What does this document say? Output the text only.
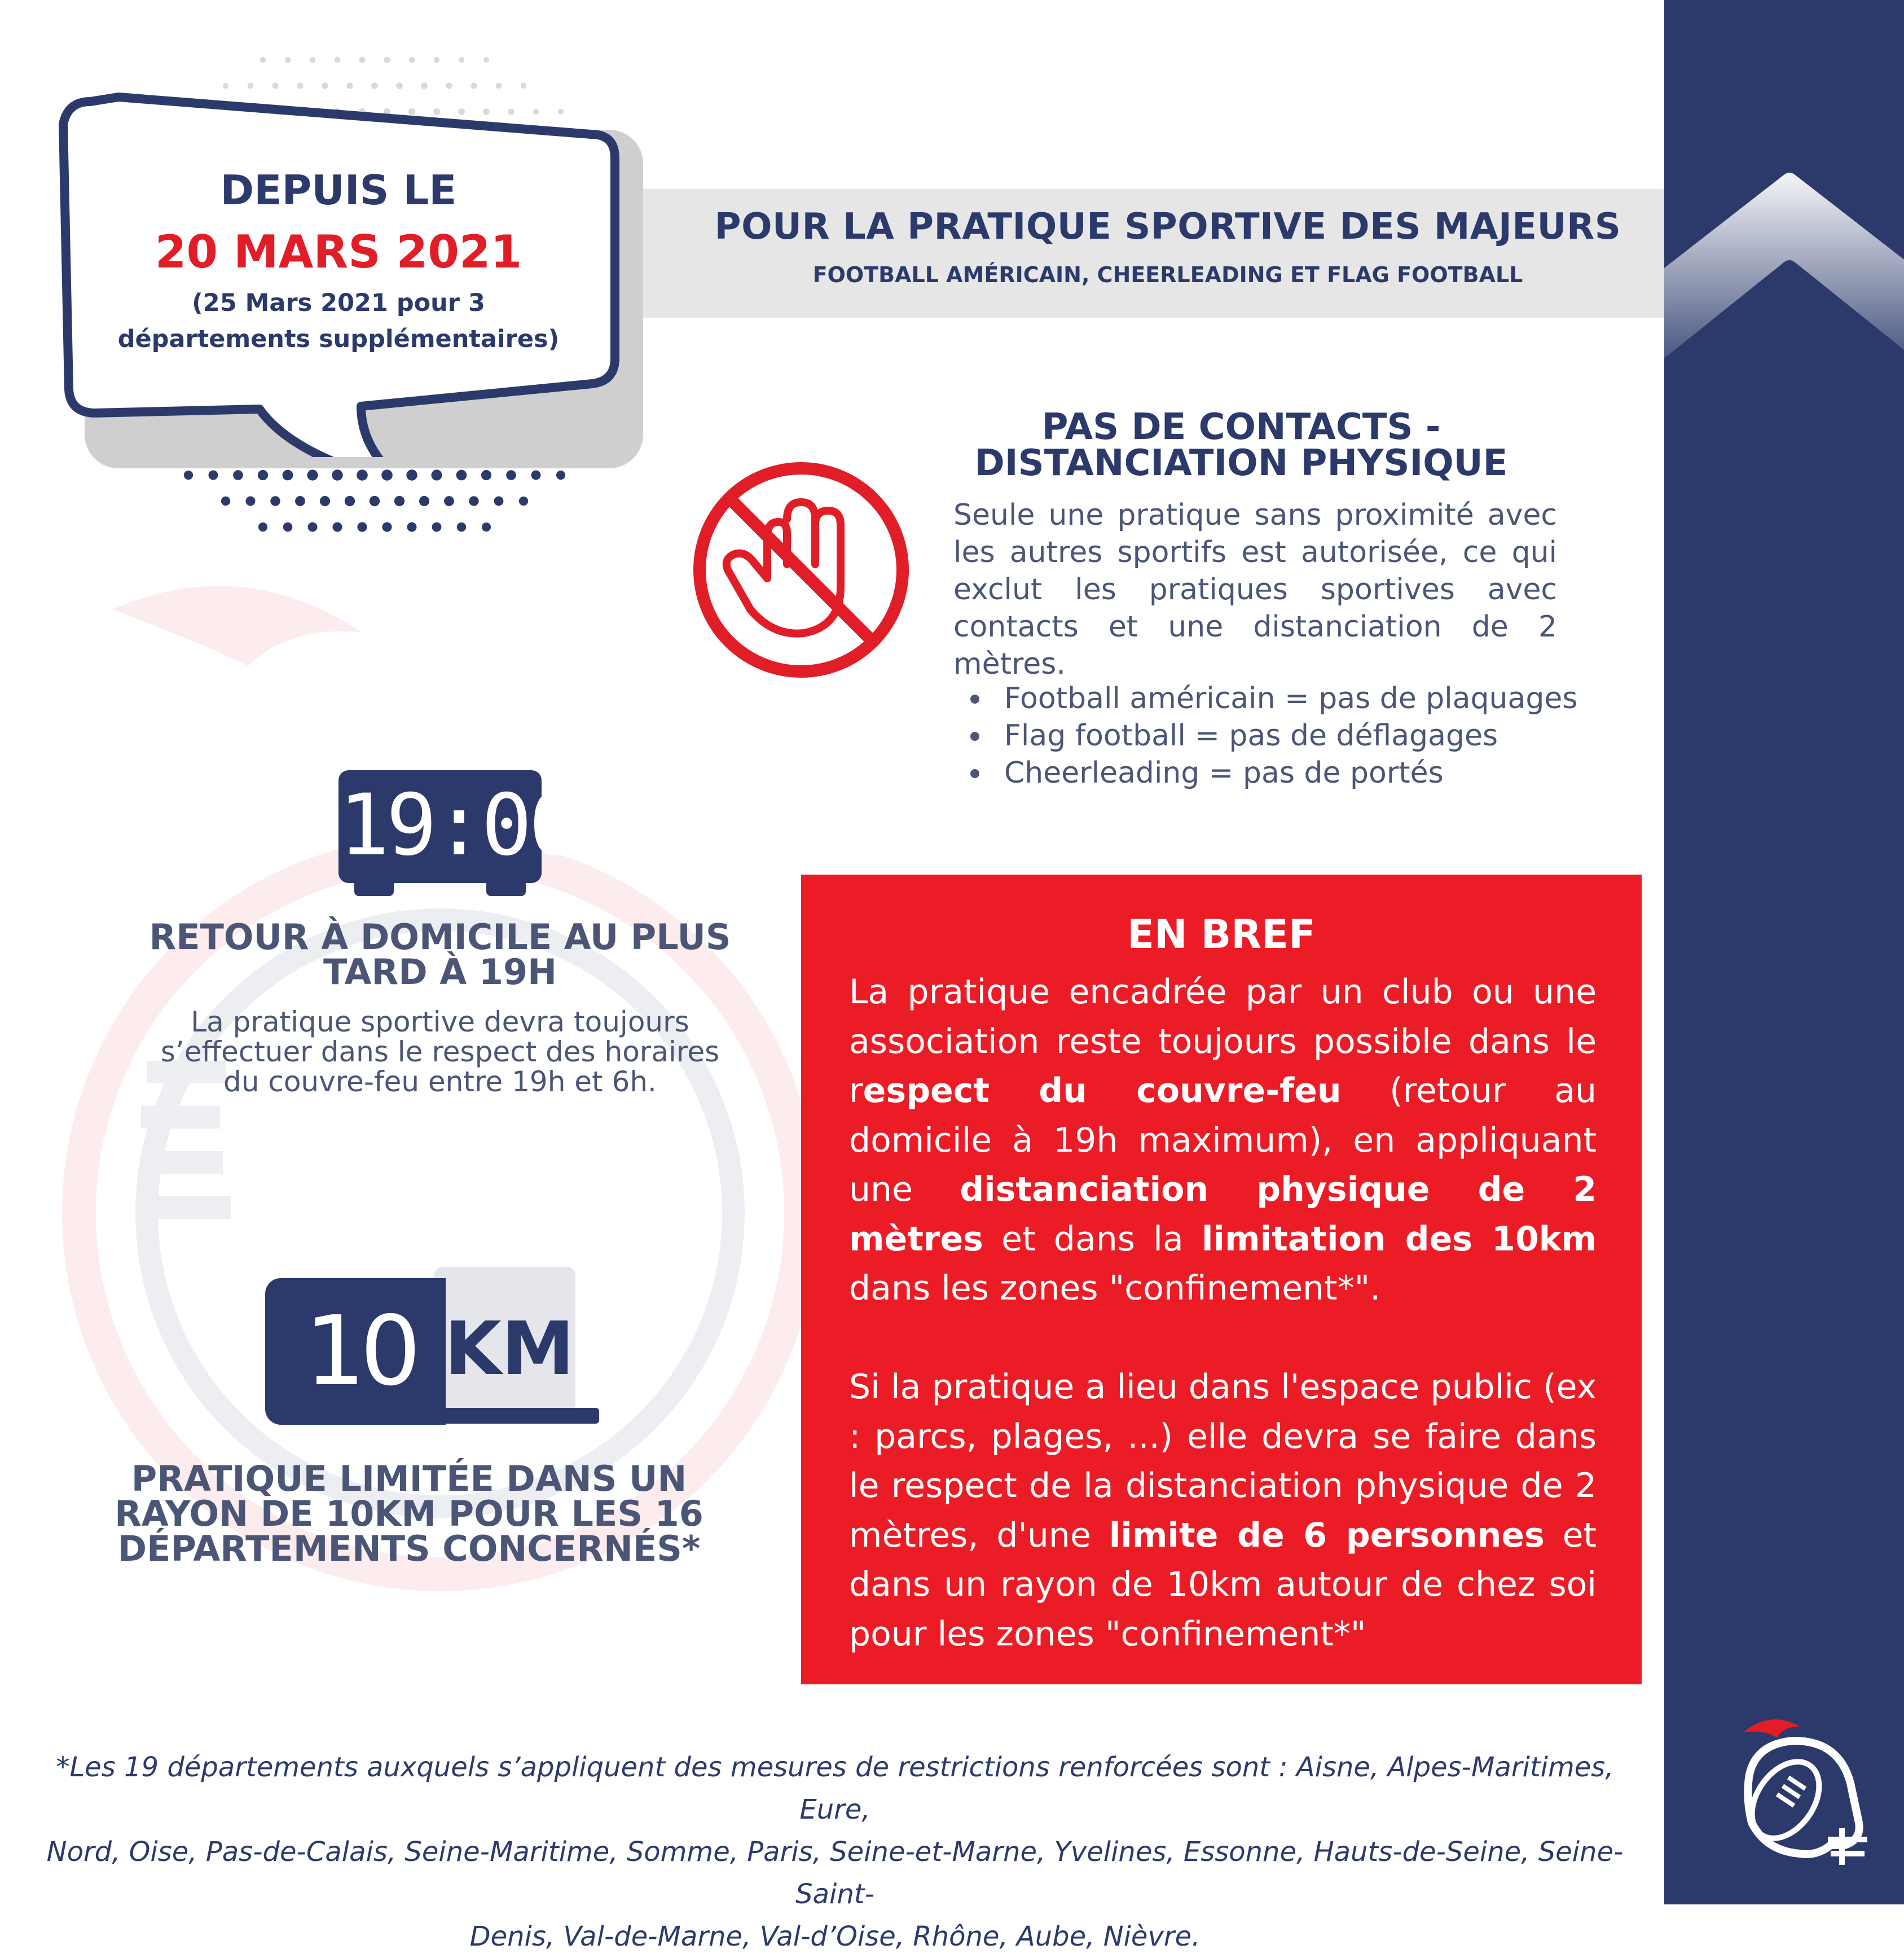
POUR LA PRATIQUE SPORTIVE DES MAJEURS
FOOTBALL AMÉRICAIN, CHEERLEADING ET FLAG FOOTBALL
DEPUIS LE
20 MARS 2021
(25 Mars 2021 pour 3 départements supplémentaires)
PAS DE CONTACTS -
DISTANCIATION PHYSIQUE
Seule une pratique sans proximité avec les autres sportifs est autorisée, ce qui exclut les pratiques sportives avec contacts et une distanciation de 2 mètres.
Football américain = pas de plaquages
Flag football = pas de déflagages
Cheerleading = pas de portés
19:00
RETOUR À DOMICILE AU PLUS
TARD À 19H
La pratique sportive devra toujours
s’effectuer dans le respect des horaires
du couvre-feu entre 19h et 6h.
10 KM
PRATIQUE LIMITÉE DANS UN
RAYON DE 10KM POUR LES 16
DÉPARTEMENTS CONCERNÉS*
EN BREF
La pratique encadrée par un club ou une association reste toujours possible dans le respect du couvre-feu (retour au domicile à 19h maximum), en appliquant une distanciation physique de 2 mètres et dans la limitation des 10km dans les zones "confinement*".
Si la pratique a lieu dans l'espace public (ex : parcs, plages, ...) elle devra se faire dans le respect de la distanciation physique de 2 mètres, d'une limite de 6 personnes et dans un rayon de 10km autour de chez soi pour les zones "confinement*"
*Les 19 départements auxquels s’appliquent des mesures de restrictions renforcées sont : Aisne, Alpes-Maritimes, Eure,
Nord, Oise, Pas-de-Calais, Seine-Maritime, Somme, Paris, Seine-et-Marne, Yvelines, Essonne, Hauts-de-Seine, Seine-Saint-
Denis, Val-de-Marne, Val-d’Oise, Rhône, Aube, Nièvre.
